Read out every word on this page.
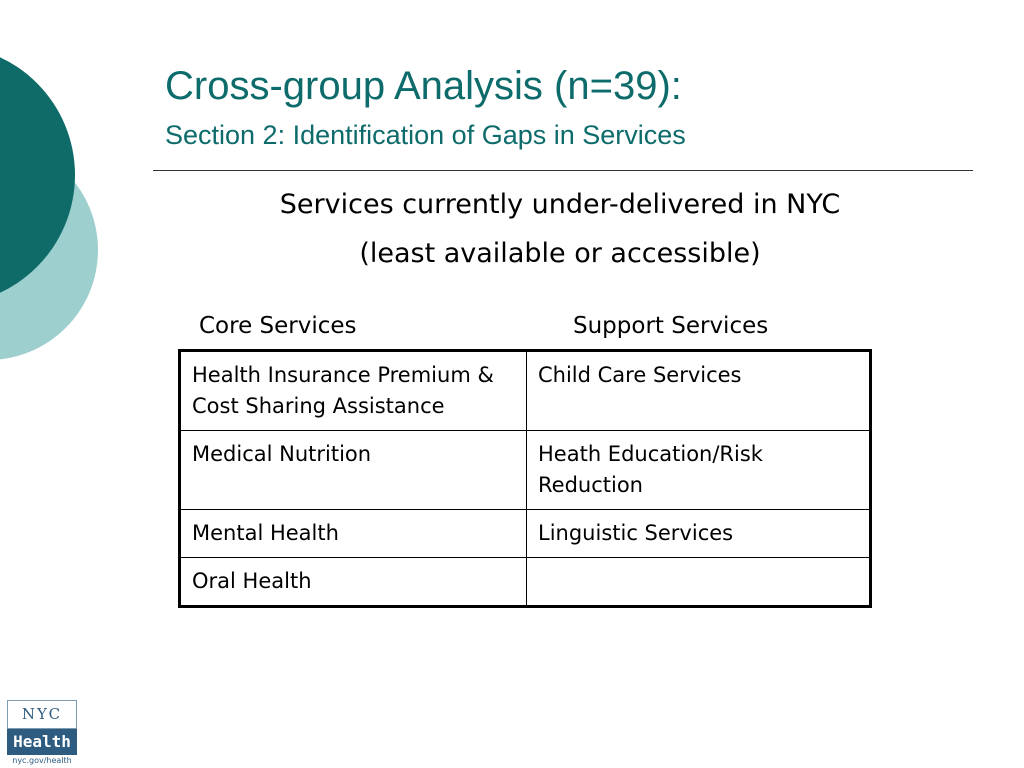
Cross-group Analysis (n=39):
Section 2: Identification of Gaps in Services
Services currently under-delivered in NYC
(least available or accessible)
Core Services	Support Services
Health Insurance Premium & Cost Sharing Assistance	Child Care Services
Medical Nutrition	Heath Education/Risk Reduction
Mental Health	Linguistic Services
Oral Health	
NYC
Health
nyc.gov/health
